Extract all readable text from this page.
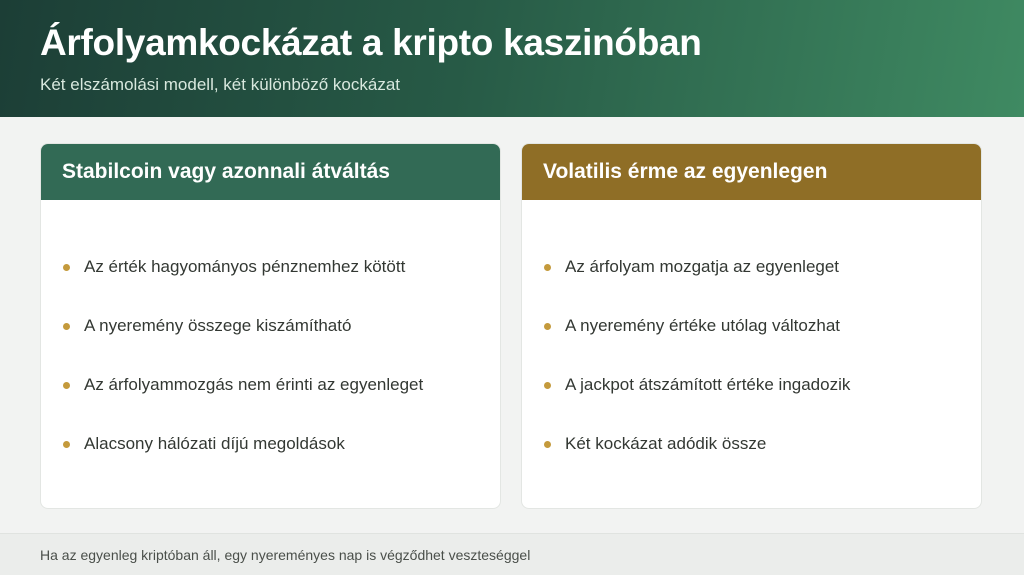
Árfolyamkockázat a kripto kaszinóban
Két elszámolási modell, két különböző kockázat
Stabilcoin vagy azonnali átváltás
Az érték hagyományos pénznemhez kötött
A nyeremény összege kiszámítható
Az árfolyammozgás nem érinti az egyenleget
Alacsony hálózati díjú megoldások
Volatilis érme az egyenlegen
Az árfolyam mozgatja az egyenleget
A nyeremény értéke utólag változhat
A jackpot átszámított értéke ingadozik
Két kockázat adódik össze
Ha az egyenleg kriptóban áll, egy nyereményes nap is végződhet veszteséggel
